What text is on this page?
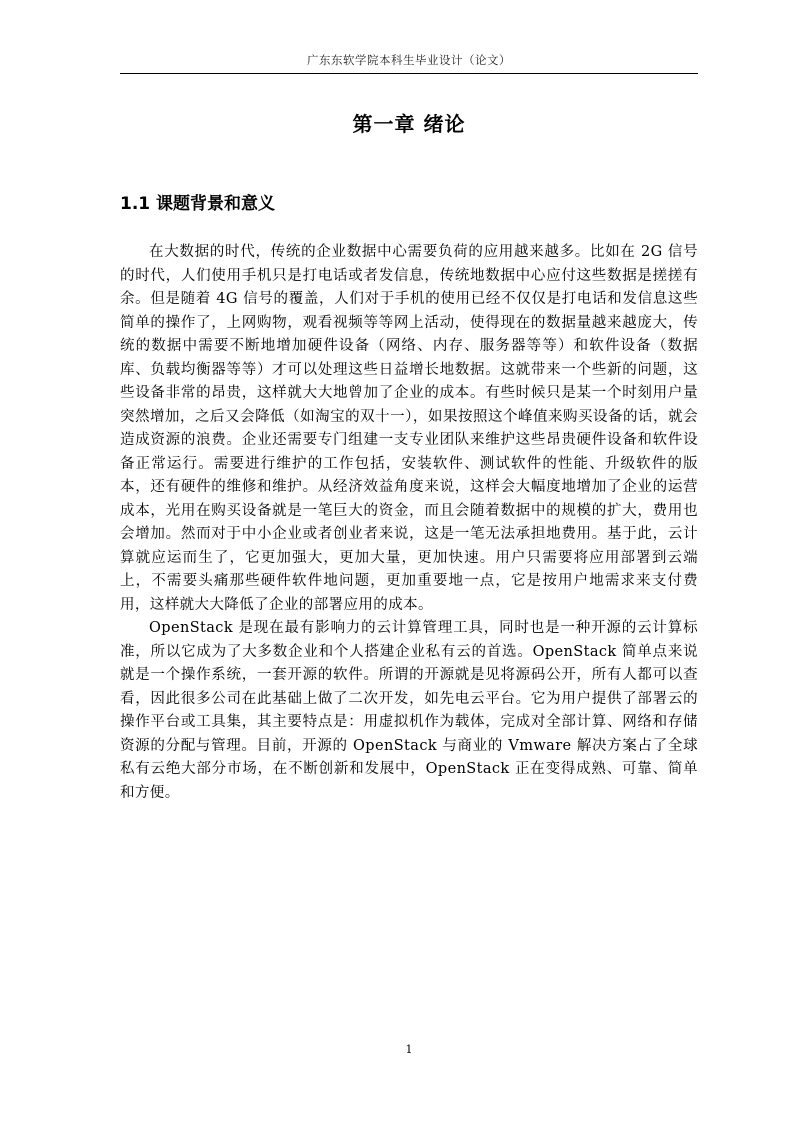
广东东软学院本科生毕业设计（论文）
第一章 绪论
1.1 课题背景和意义

在大数据的时代，传统的企业数据中心需要负荷的应用越来越多。比如在 2G 信号的时代，人们使用手机只是打电话或者发信息，传统地数据中心应付这些数据是搓搓有余。但是随着 4G 信号的覆盖，人们对于手机的使用已经不仅仅是打电话和发信息这些简单的操作了，上网购物，观看视频等等网上活动，使得现在的数据量越来越庞大，传统的数据中需要不断地增加硬件设备（网络、内存、服务器等等）和软件设备（数据库、负载均衡器等等）才可以处理这些日益增长地数据。这就带来一个些新的问题，这些设备非常的昂贵，这样就大大地曾加了企业的成本。有些时候只是某一个时刻用户量突然增加，之后又会降低（如淘宝的双十一），如果按照这个峰值来购买设备的话，就会造成资源的浪费。企业还需要专门组建一支专业团队来维护这些昂贵硬件设备和软件设备正常运行。需要进行维护的工作包括，安装软件、测试软件的性能、升级软件的版本，还有硬件的维修和维护。从经济效益角度来说，这样会大幅度地增加了企业的运营成本，光用在购买设备就是一笔巨大的资金，而且会随着数据中的规模的扩大，费用也会增加。然而对于中小企业或者创业者来说，这是一笔无法承担地费用。基于此，云计算就应运而生了，它更加强大，更加大量，更加快速。用户只需要将应用部署到云端上，不需要头痛那些硬件软件地问题，更加重要地一点，它是按用户地需求来支付费用，这样就大大降低了企业的部署应用的成本。

OpenStack 是现在最有影响力的云计算管理工具，同时也是一种开源的云计算标准，所以它成为了大多数企业和个人搭建企业私有云的首选。OpenStack 简单点来说就是一个操作系统，一套开源的软件。所谓的开源就是见将源码公开，所有人都可以查看，因此很多公司在此基础上做了二次开发，如先电云平台。它为用户提供了部署云的操作平台或工具集，其主要特点是：用虚拟机作为载体，完成对全部计算、网络和存储资源的分配与管理。目前，开源的 OpenStack 与商业的 Vmware 解决方案占了全球私有云绝大部分市场，在不断创新和发展中，OpenStack 正在变得成熟、可靠、简单和方便。

1
